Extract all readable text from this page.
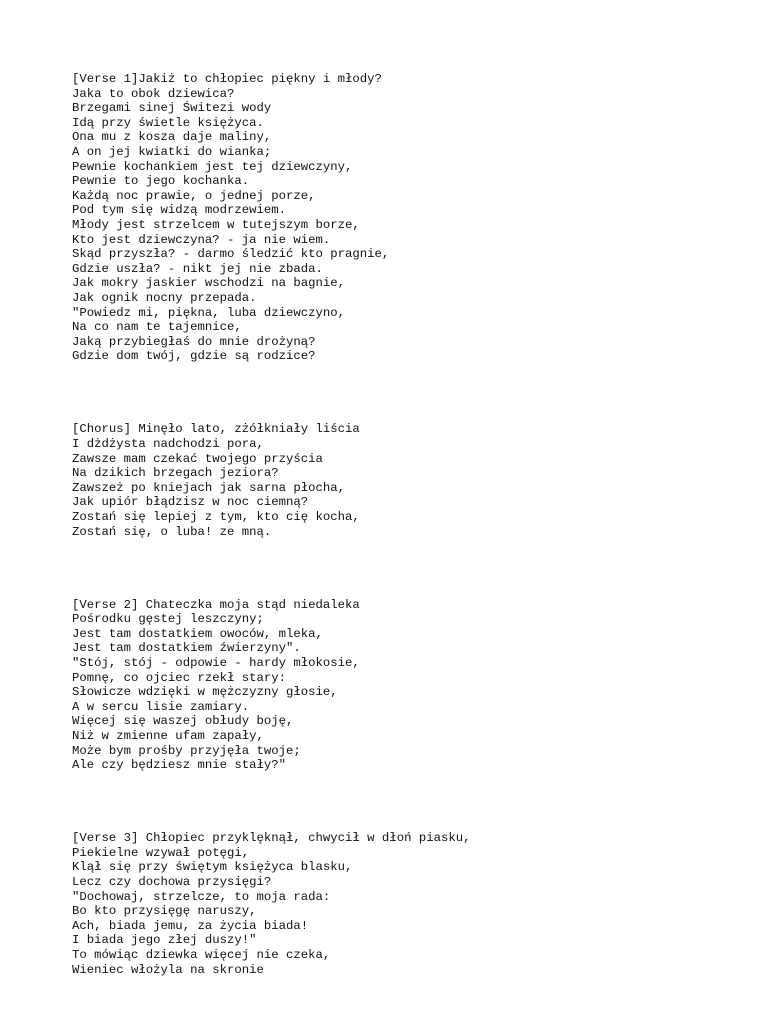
[Verse 1]Jakiż to chłopiec piękny i młody?
Jaka to obok dziewica?
Brzegami sinej Świtezi wody
Idą przy świetle księżyca.
Ona mu z kosza daje maliny,
A on jej kwiatki do wianka;
Pewnie kochankiem jest tej dziewczyny,
Pewnie to jego kochanka.
Każdą noc prawie, o jednej porze,
Pod tym się widzą modrzewiem.
Młody jest strzelcem w tutejszym borze,
Kto jest dziewczyna? - ja nie wiem.
Skąd przyszła? - darmo śledzić kto pragnie,
Gdzie uszła? - nikt jej nie zbada.
Jak mokry jaskier wschodzi na bagnie,
Jak ognik nocny przepada.
"Powiedz mi, piękna, luba dziewczyno,
Na co nam te tajemnice,
Jaką przybiegłaś do mnie drożyną?
Gdzie dom twój, gdzie są rodzice?
[Chorus] Minęło lato, zżółkniały liścia
I dżdżysta nadchodzi pora,
Zawsze mam czekać twojego przyścia
Na dzikich brzegach jeziora?
Zawszeż po kniejach jak sarna płocha,
Jak upiór błądzisz w noc ciemną?
Zostań się lepiej z tym, kto cię kocha,
Zostań się, o luba! ze mną.
[Verse 2] Chateczka moja stąd niedaleka
Pośrodku gęstej leszczyny;
Jest tam dostatkiem owoców, mleka,
Jest tam dostatkiem źwierzyny".
"Stój, stój - odpowie - hardy młokosie,
Pomnę, co ojciec rzekł stary:
Słowicze wdzięki w mężczyzny głosie,
A w sercu lisie zamiary.
Więcej się waszej obłudy boję,
Niż w zmienne ufam zapały,
Może bym prośby przyjęła twoje;
Ale czy będziesz mnie stały?"
[Verse 3] Chłopiec przyklęknął, chwycił w dłoń piasku,
Piekielne wzywał potęgi,
Klął się przy świętym księżyca blasku,
Lecz czy dochowa przysięgi?
"Dochowaj, strzelcze, to moja rada:
Bo kto przysięgę naruszy,
Ach, biada jemu, za życia biada!
I biada jego złej duszy!"
To mówiąc dziewka więcej nie czeka,
Wieniec włożyla na skronie
